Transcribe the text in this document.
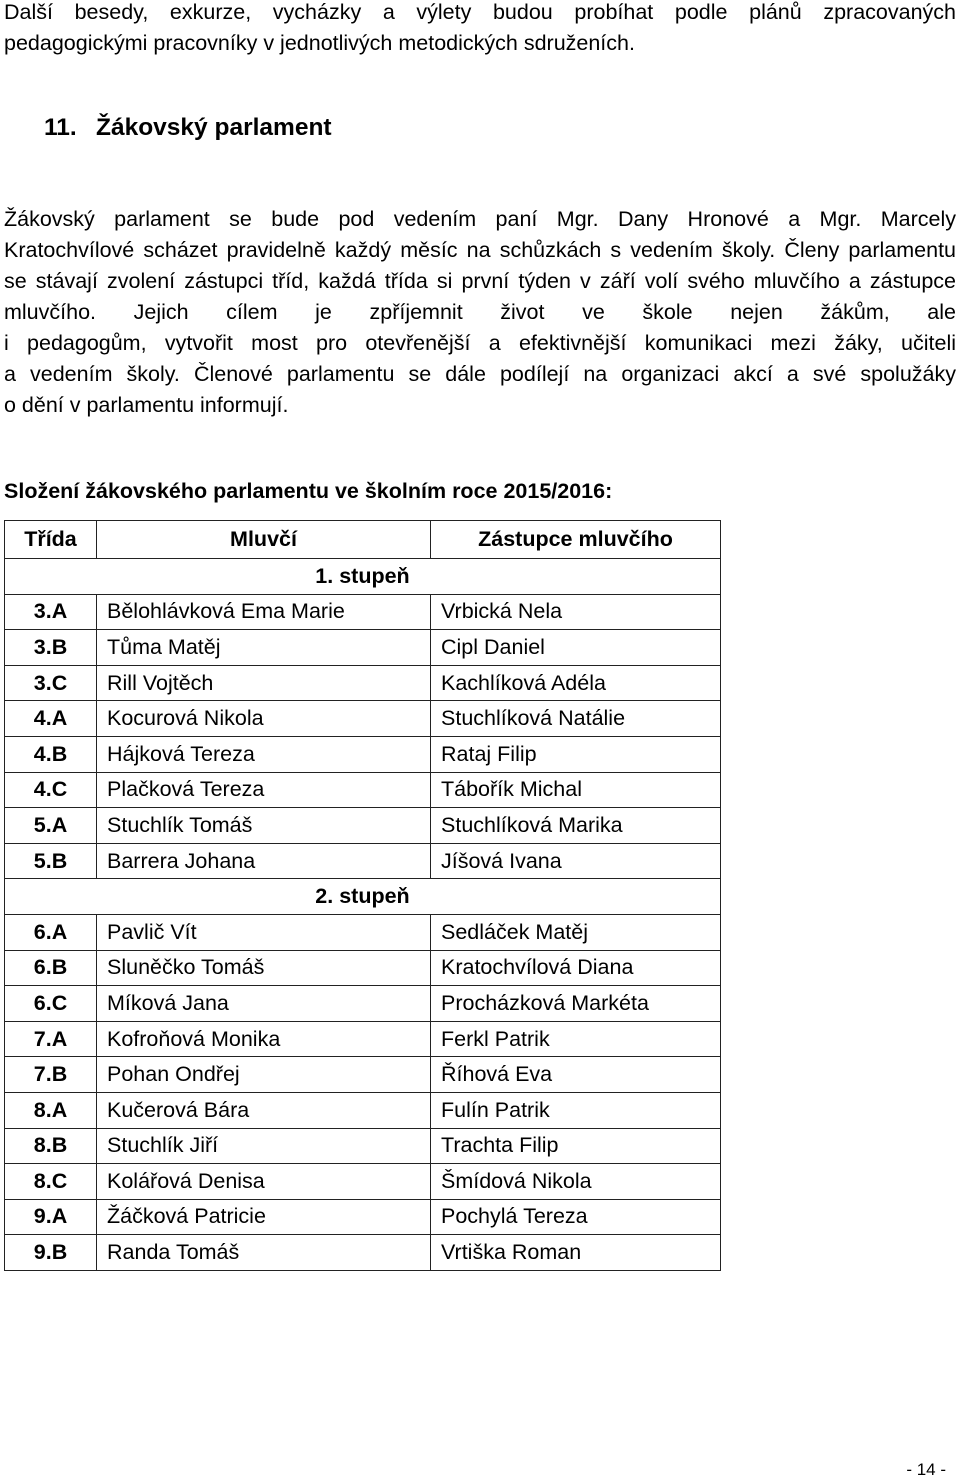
Další besedy, exkurze, vycházky a výlety budou probíhat podle plánů zpracovaných
pedagogickými pracovníky v jednotlivých metodických sdruženích.

11. Žákovský parlament

Žákovský parlament se bude pod vedením paní Mgr. Dany Hronové a Mgr. Marcely
Kratochvílové scházet pravidelně každý měsíc na schůzkách s vedením školy. Členy parlamentu
se stávají zvolení zástupci tříd, každá třída si první týden v září volí svého mluvčího a zástupce
mluvčího. Jejich cílem je zpříjemnit život ve škole nejen žákům, ale
i pedagogům, vytvořit most pro otevřenější a efektivnější komunikaci mezi žáky, učiteli
a vedením školy. Členové parlamentu se dále podílejí na organizaci akcí a své spolužáky
o dění v parlamentu informují.

Složení žákovského parlamentu ve školním roce 2015/2016:

Třída	Mluvčí	Zástupce mluvčího
1. stupeň		
3.A	Bělohlávková Ema Marie	Vrbická Nela
3.B	Tůma Matěj	Cipl Daniel
3.C	Rill Vojtěch	Kachlíková Adéla
4.A	Kocurová Nikola	Stuchlíková Natálie
4.B	Hájková Tereza	Rataj Filip
4.C	Plačková Tereza	Tábořík Michal
5.A	Stuchlík Tomáš	Stuchlíková Marika
5.B	Barrera Johana	Jíšová Ivana
2. stupeň		
6.A	Pavlič Vít	Sedláček Matěj
6.B	Sluněčko Tomáš	Kratochvílová Diana
6.C	Míková Jana	Procházková Markéta
7.A	Kofroňová Monika	Ferkl Patrik
7.B	Pohan Ondřej	Říhová Eva
8.A	Kučerová Bára	Fulín Patrik
8.B	Stuchlík Jiří	Trachta Filip
8.C	Kolářová Denisa	Šmídová Nikola
9.A	Žáčková Patricie	Pochylá Tereza
9.B	Randa Tomáš	Vrtiška Roman

- 14 -
